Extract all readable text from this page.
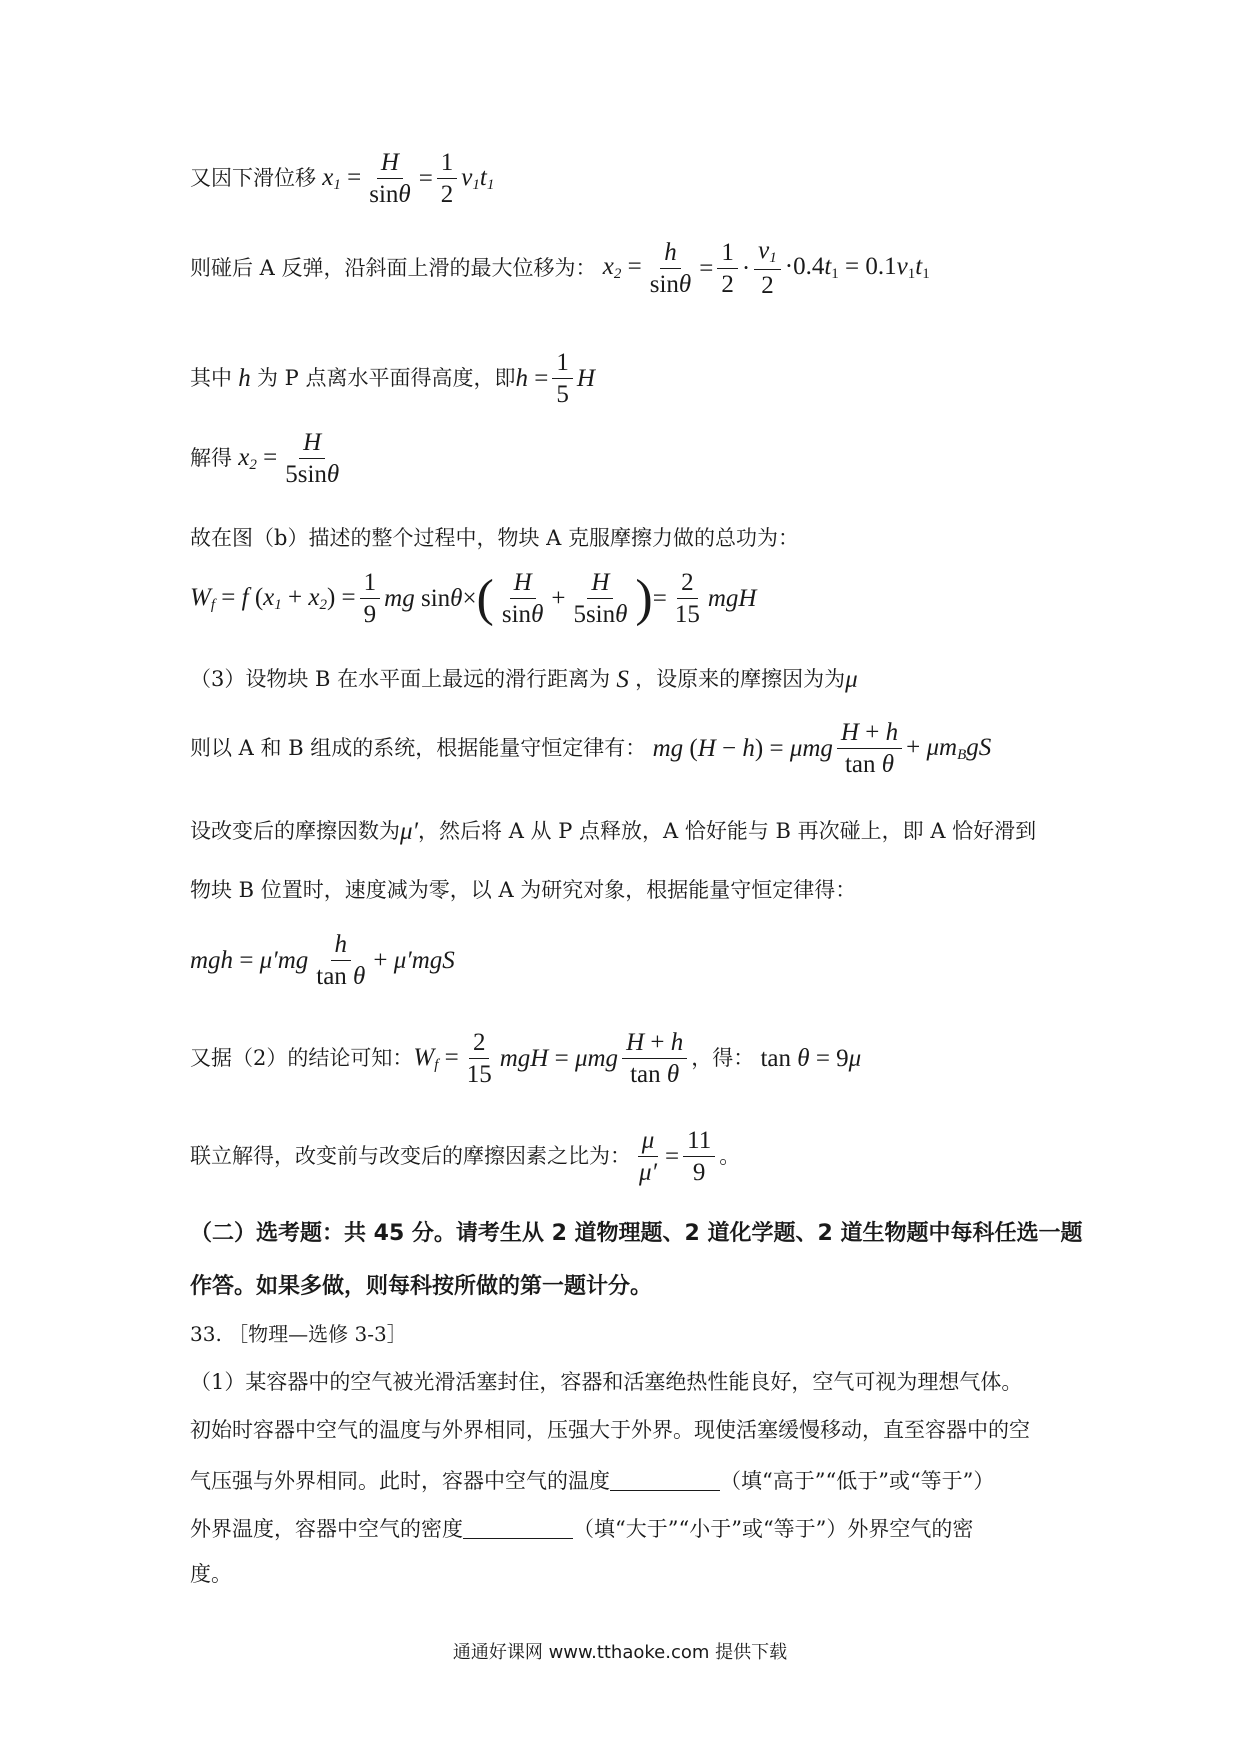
又因下滑位移 $x_1 = \frac{H}{\sin\theta} = \frac{1}{2} v_1t_1$
则碰后 A 反弹，沿斜面上滑的最大位移为： $x_2 = \frac{h}{\sin\theta} = \frac{1}{2} \cdot \frac{v_1}{2} \cdot 0.4t_1 = 0.1v_1t_1$
其中 h 为 P 点离水平面得高度，即 $h = \frac{1}{5}$ H
解得 $x_2 = \frac{H}{5\sin\theta}$
故在图（b）描述的整个过程中，物块 A 克服摩擦力做的总功为：
$W_f = f$ $(x_1 + x_2) = \frac{1}{9}$ mg sinθ× ( $\frac{H}{\sin\theta} + \frac{H}{5\sin\theta}$ ) = $\frac{2}{15}$ mgH
（3）设物块 B 在水平面上最远的滑行距离为 S ，设原来的摩擦因为为 μ
则以 A 和 B 组成的系统，根据能量守恒定律有： mg (H − h) = μmg $\frac{H + h}{\text{tan θ}} + \mu m_BgS$
设改变后的摩擦因数为 μ′ ，然后将 A 从 P 点释放，A 恰好能与 B 再次碰上，即 A 恰好滑到
物块 B 位置时，速度减为零，以 A 为研究对象，根据能量守恒定律得：
mgh = $\mu'mg \frac{h}{\text{tan θ}} + \mu'mgS$
又据（2）的结论可知： $W_f = \frac{2}{15}$ mgH = μmg $\frac{H + h}{\text{tan θ}}$ ，得： tan θ = 9μ
联立解得，改变前与改变后的摩擦因素之比为： $\frac{\mu}{\mu'} = \frac{11}{9}$ 。
（二）选考题：共 45 分。请考生从 2 道物理题、2 道化学题、2 道生物题中每科任选一题
作答。如果多做，则每科按所做的第一题计分。
33. ［物理—选修 3-3］
（1）某容器中的空气被光滑活塞封住，容器和活塞绝热性能良好，空气可视为理想气体。
初始时容器中空气的温度与外界相同，压强大于外界。现使活塞缓慢移动，直至容器中的空
气压强与外界相同。此时，容器中空气的温度	（填“高于”“低于”或“等于”）
外界温度，容器中空气的密度	（填“大于”“小于”或“等于”）外界空气的密
度。
通通好课网 www.tthaoke.com 提供下载
